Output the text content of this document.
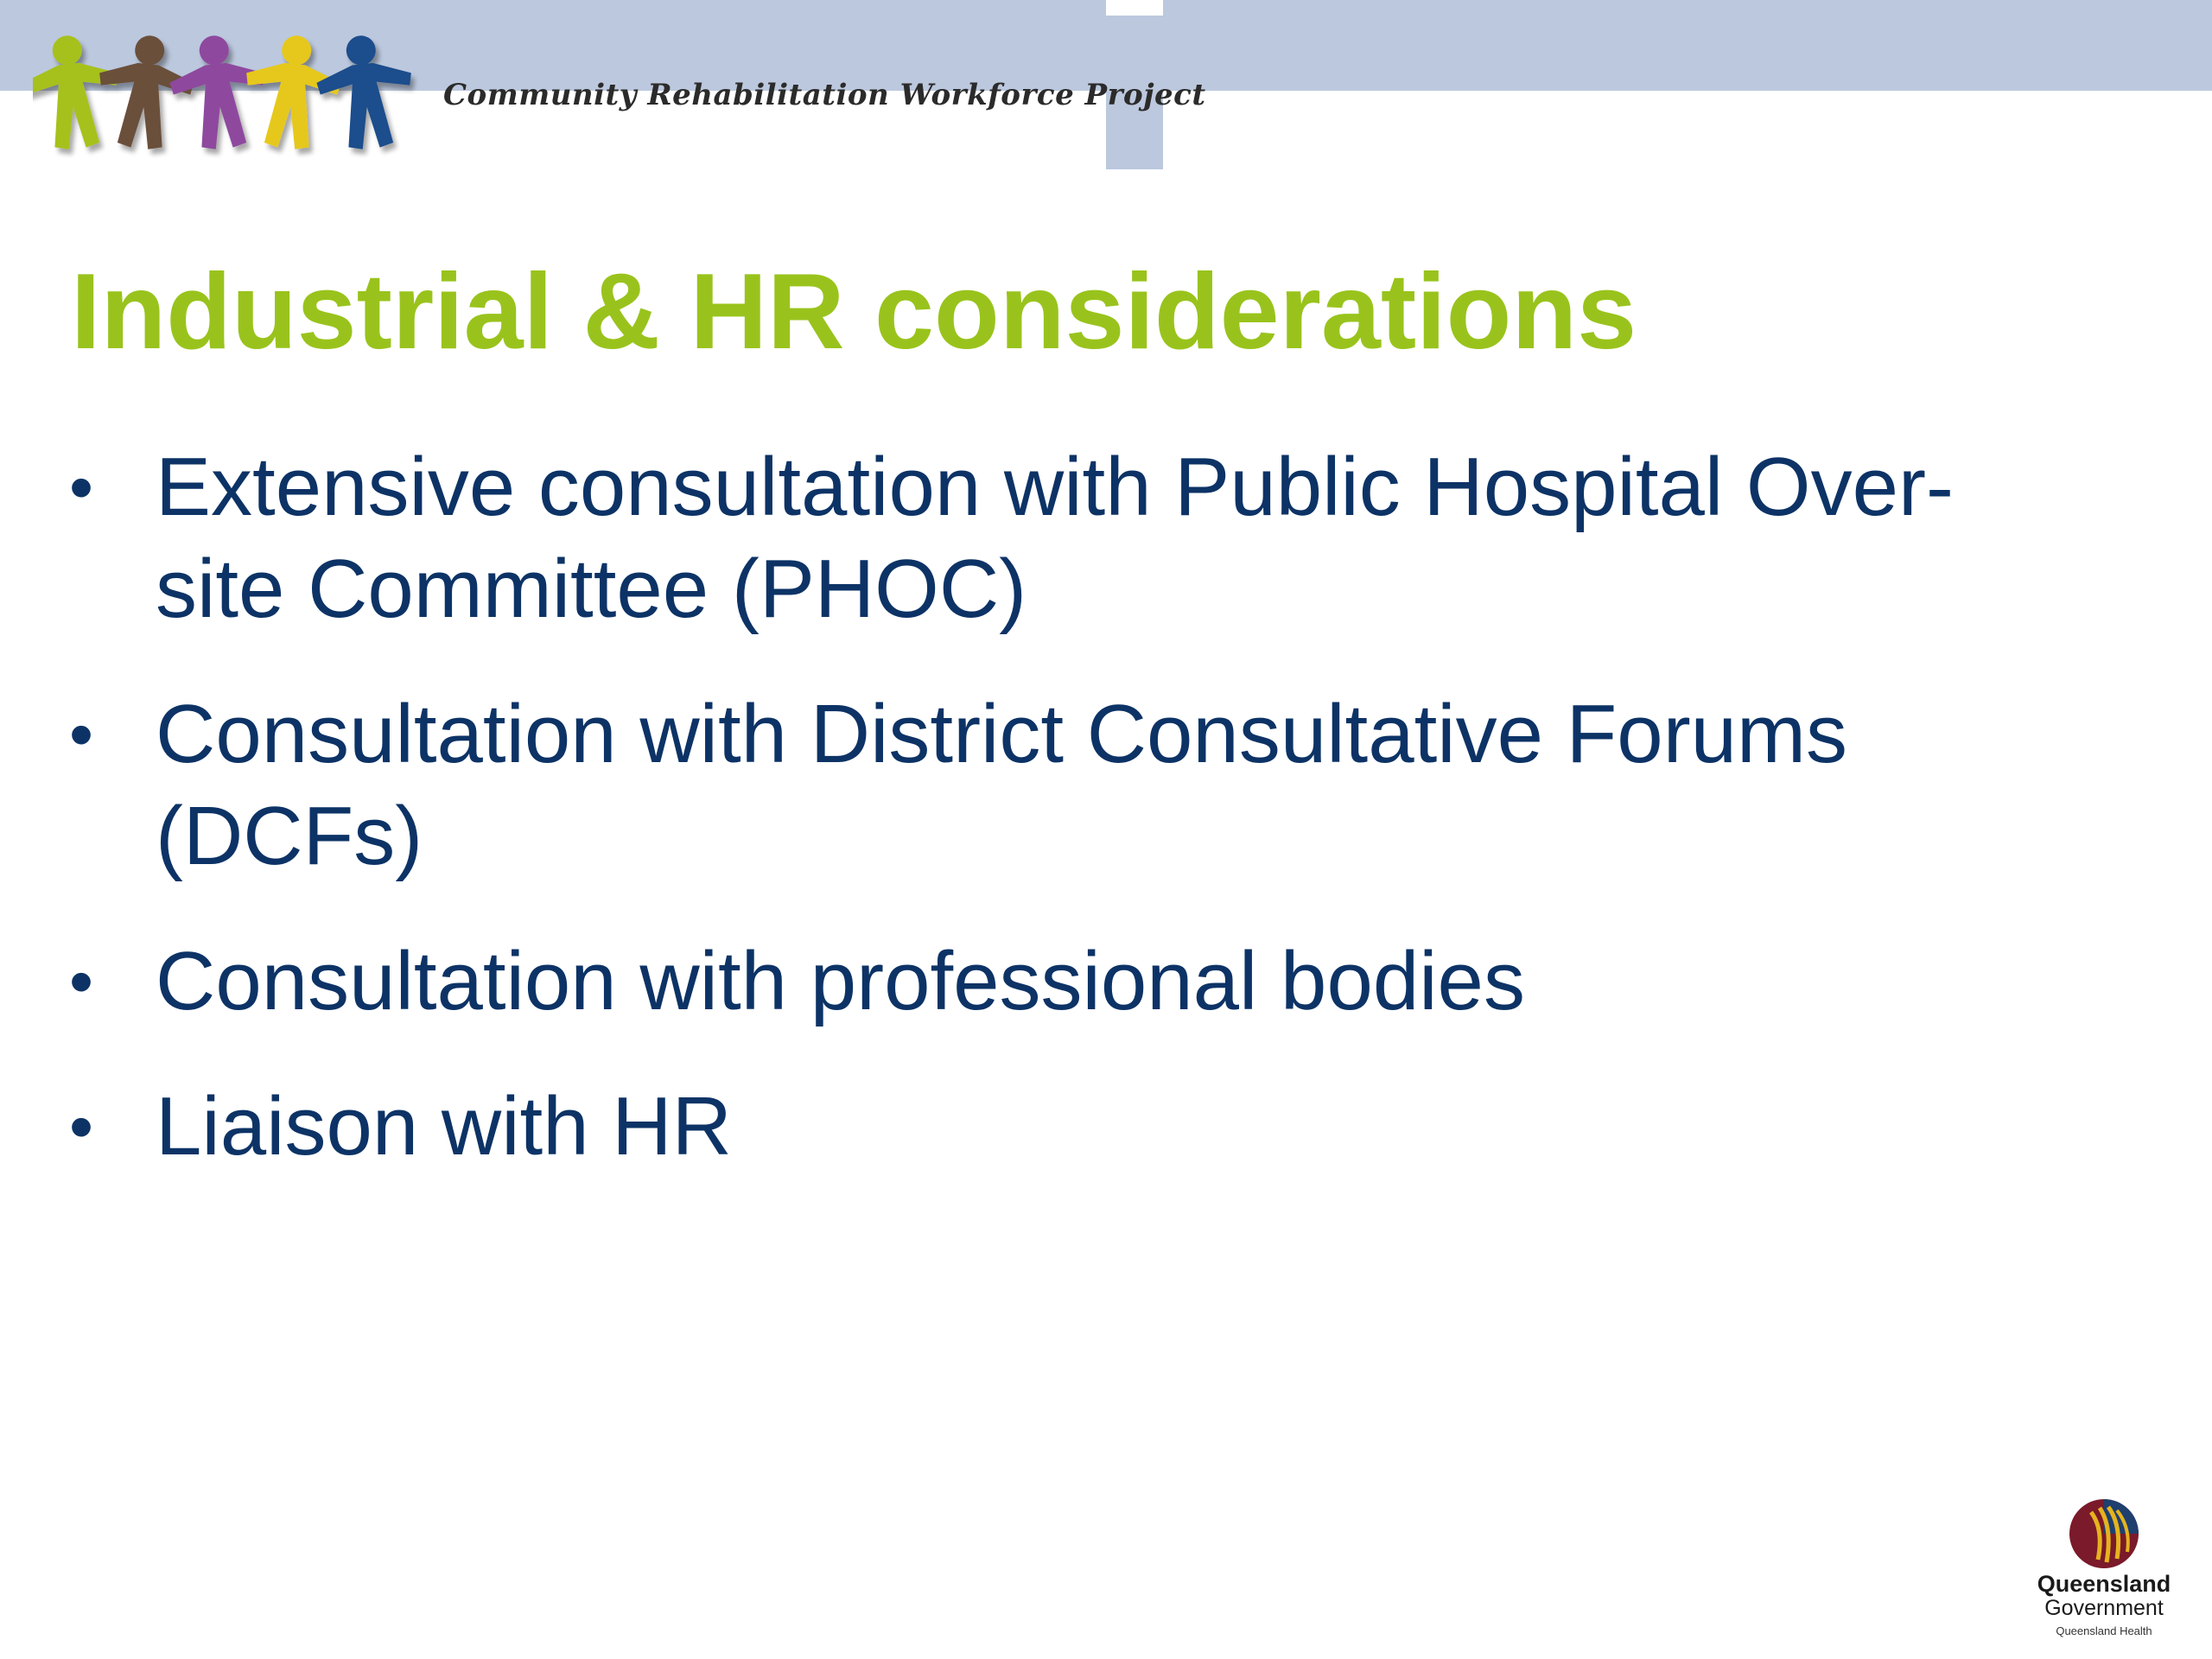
Community Rehabilitation Workforce Project
Industrial & HR considerations
• Extensive consultation with Public Hospital Over-site Committee (PHOC)
• Consultation with District Consultative Forums (DCFs)
• Consultation with professional bodies
• Liaison with HR
Queensland
Government
Queensland Health
